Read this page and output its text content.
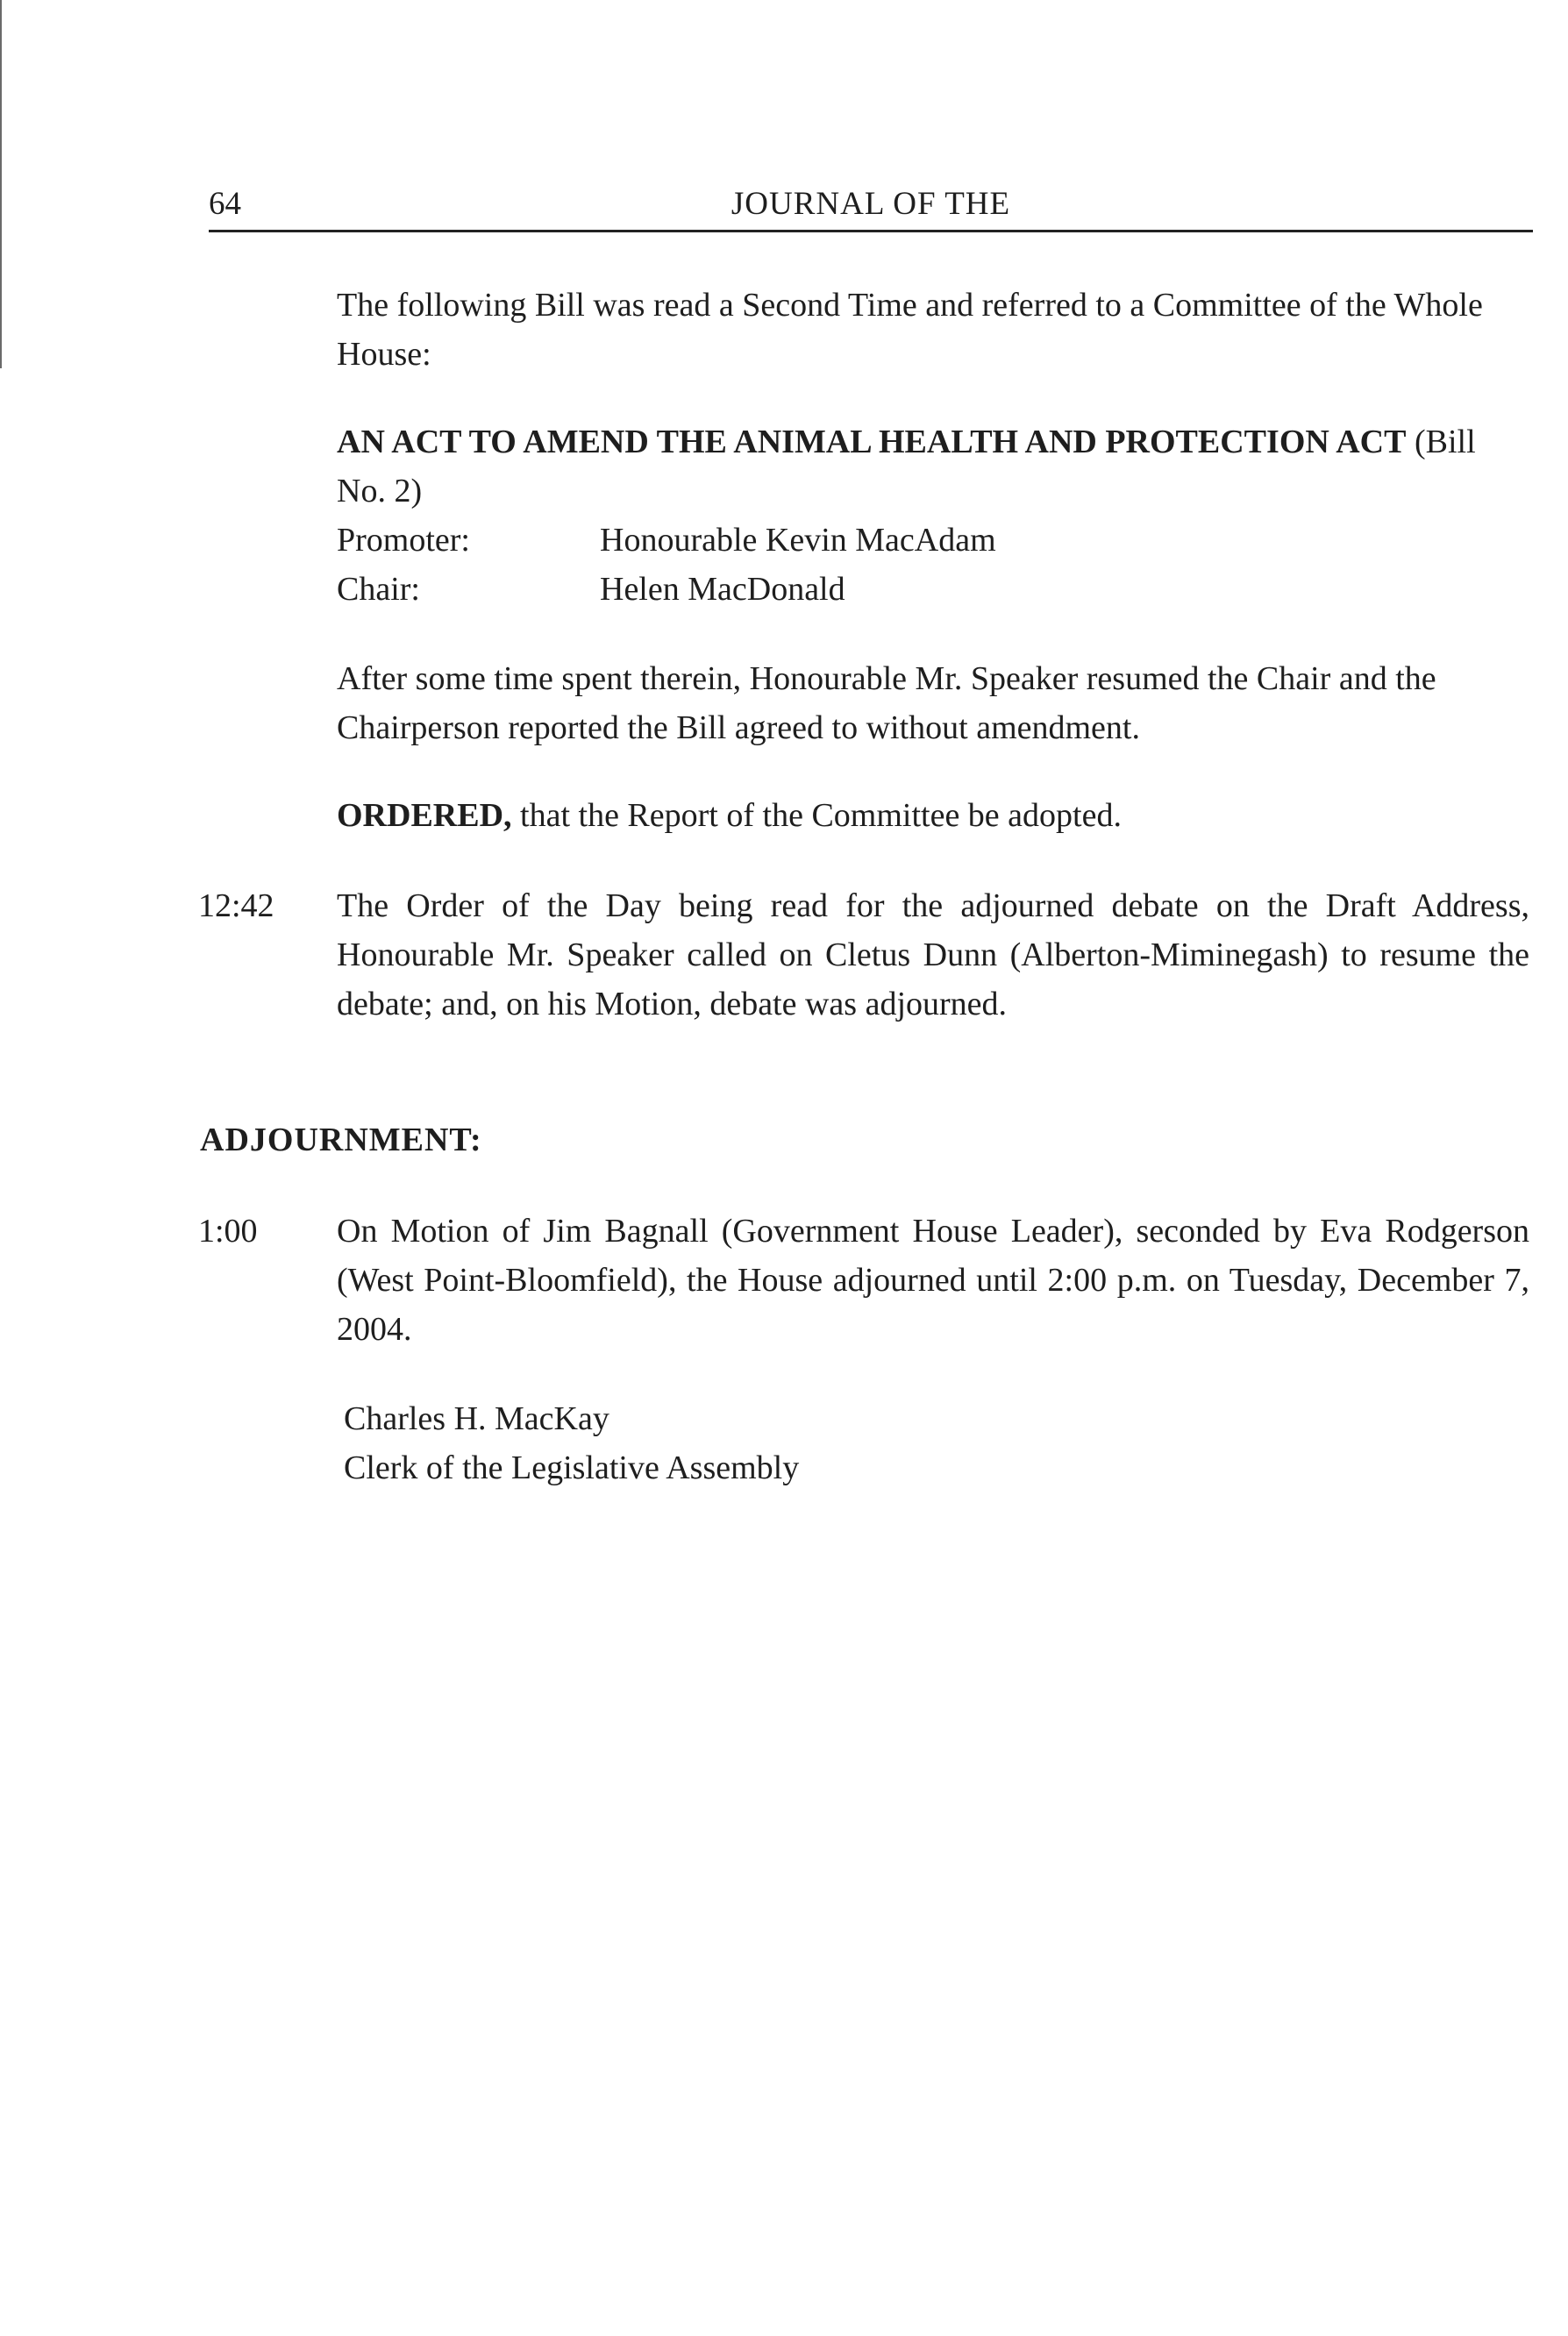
64	JOURNAL OF THE
The following Bill was read a Second Time and referred to a Committee of the Whole House:
AN ACT TO AMEND THE ANIMAL HEALTH AND PROTECTION ACT (Bill No. 2)
Promoter:	Honourable Kevin MacAdam
Chair:	Helen MacDonald
After some time spent therein, Honourable Mr. Speaker resumed the Chair and the Chairperson reported the Bill agreed to without amendment.
ORDERED, that the Report of the Committee be adopted.
12:42 The Order of the Day being read for the adjourned debate on the Draft Address, Honourable Mr. Speaker called on Cletus Dunn (Alberton-Miminegash) to resume the debate; and, on his Motion, debate was adjourned.
ADJOURNMENT:
1:00 On Motion of Jim Bagnall (Government House Leader), seconded by Eva Rodgerson (West Point-Bloomfield), the House adjourned until 2:00 p.m. on Tuesday, December 7, 2004.
Charles H. MacKay
Clerk of the Legislative Assembly
